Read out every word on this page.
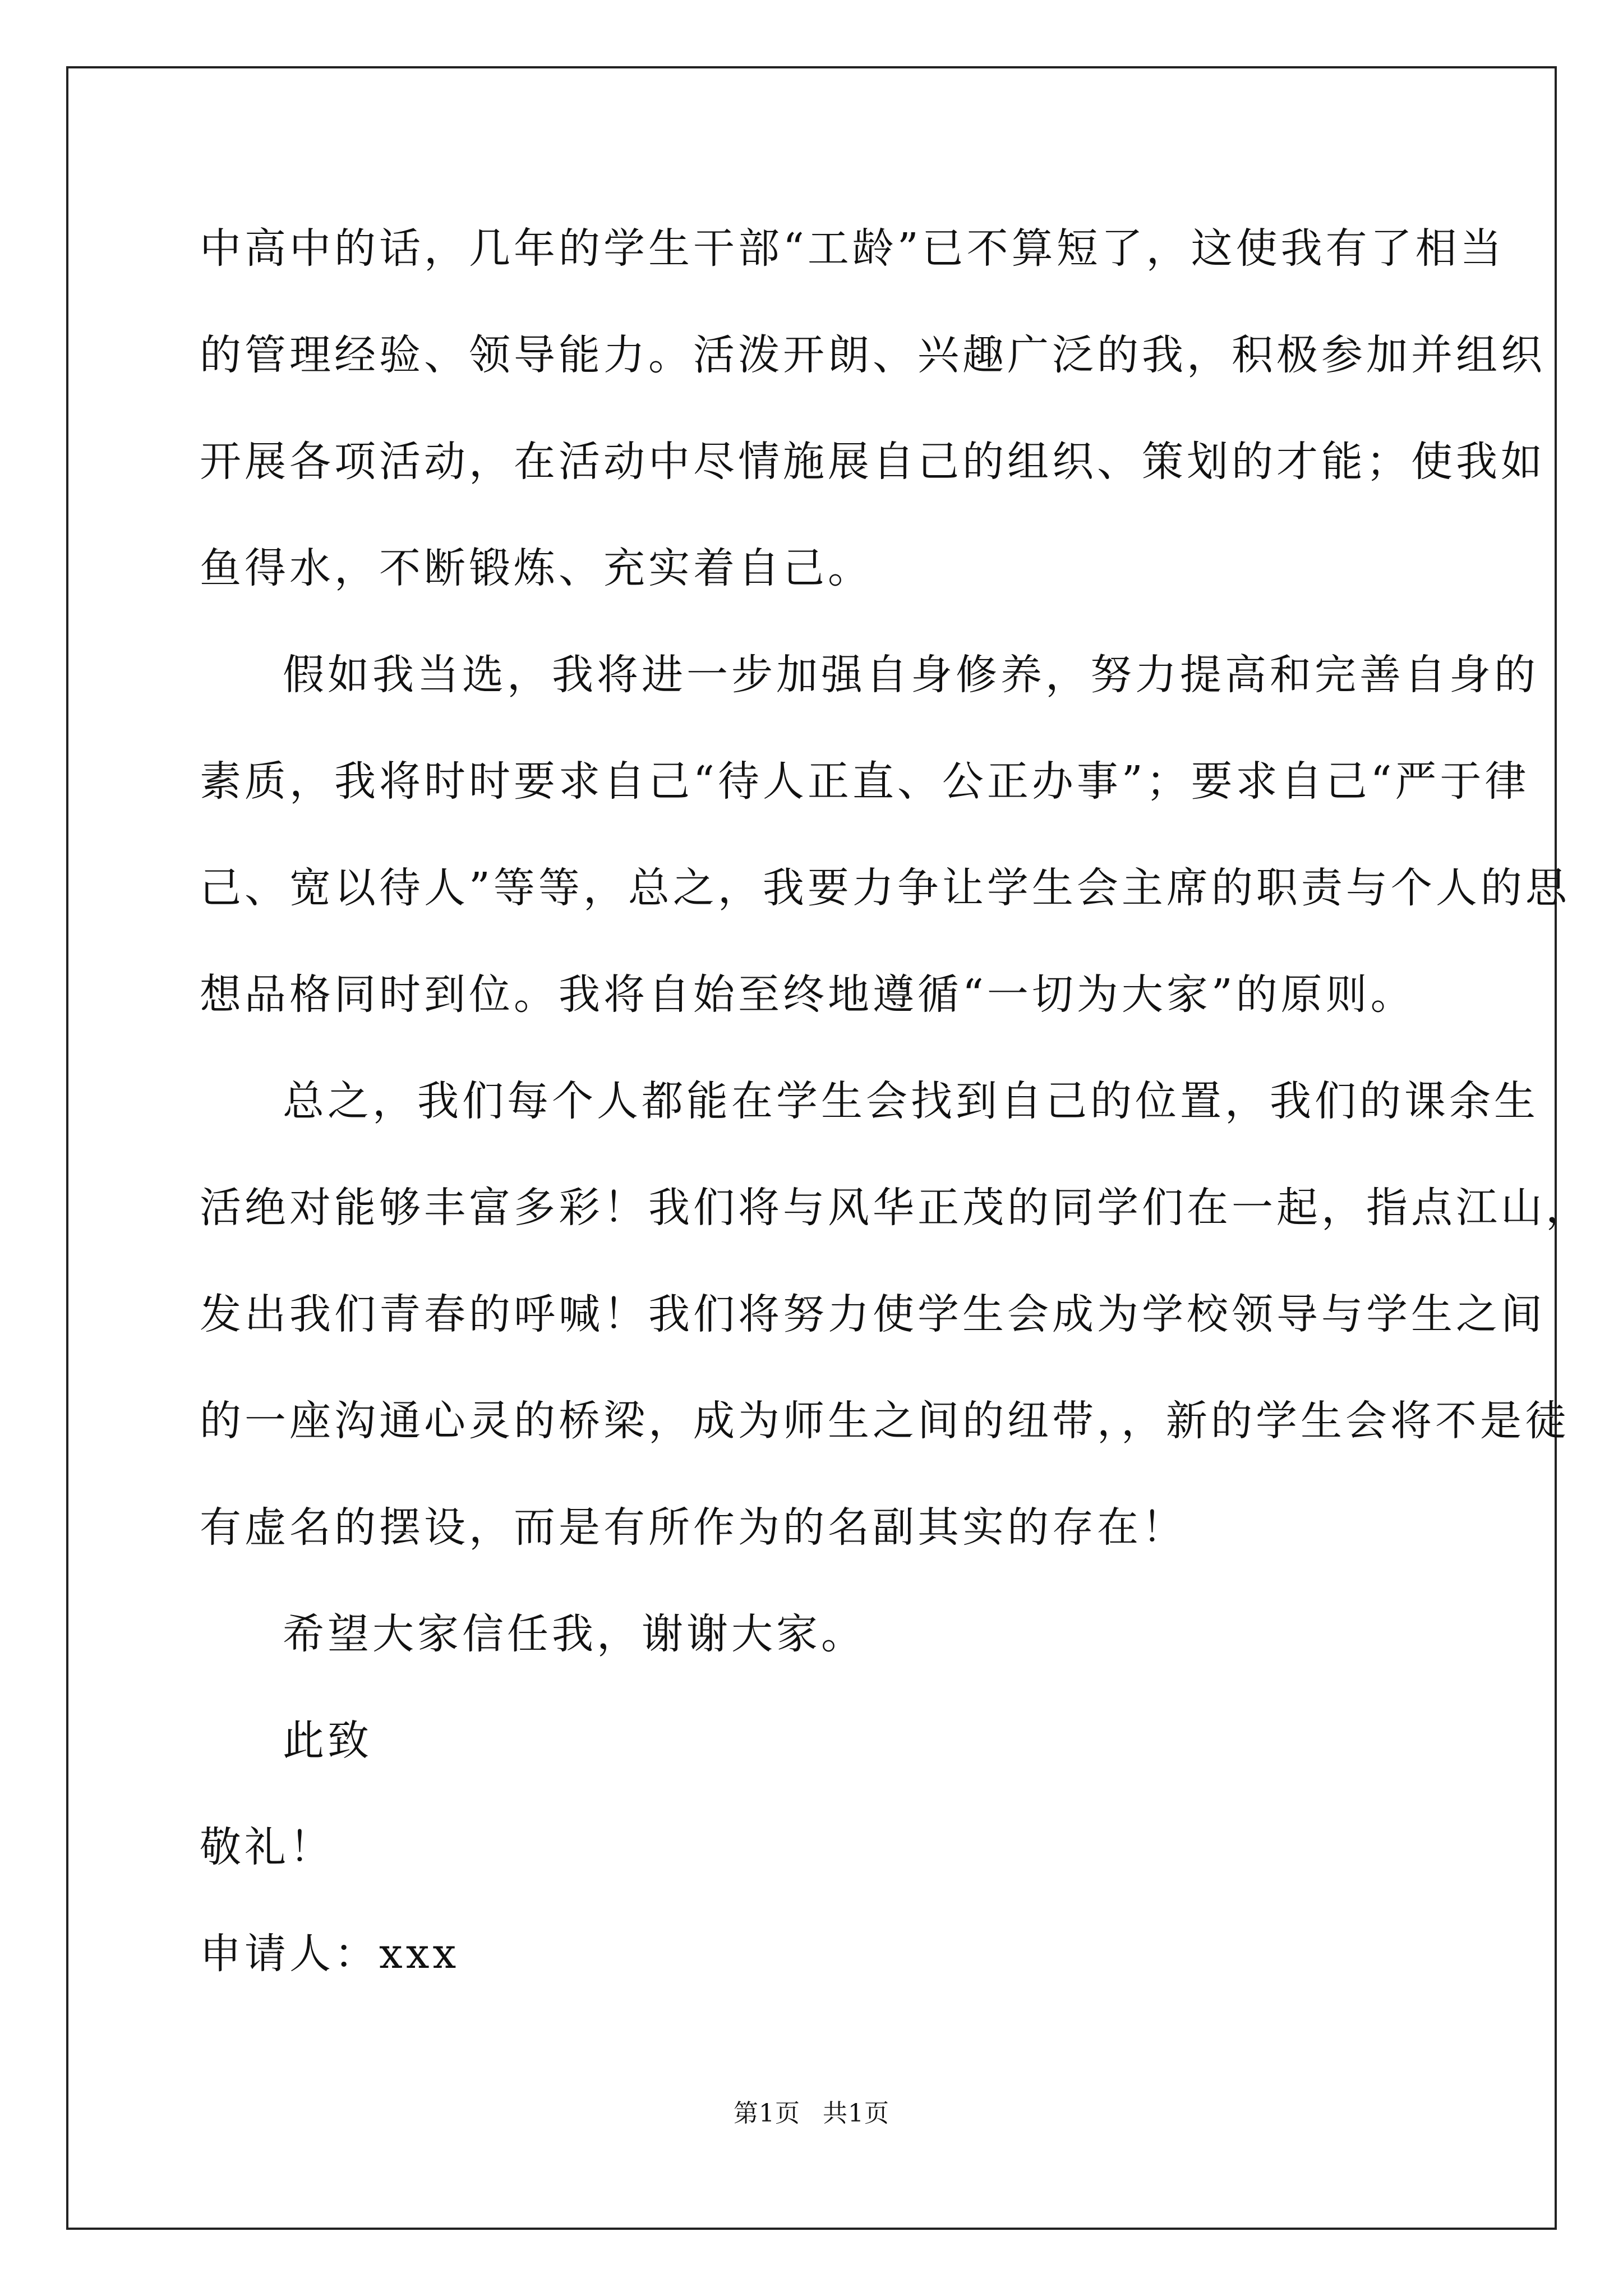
中高中的话，几年的学生干部“工龄”已不算短了，这使我有了相当
的管理经验、领导能力。活泼开朗、兴趣广泛的我，积极参加并组织
开展各项活动，在活动中尽情施展自己的组织、策划的才能；使我如
鱼得水，不断锻炼、充实着自己。
假如我当选，我将进一步加强自身修养，努力提高和完善自身的
素质，我将时时要求自己“待人正直、公正办事”；要求自己“严于律
己、宽以待人”等等，总之，我要力争让学生会主席的职责与个人的思
想品格同时到位。我将自始至终地遵循“一切为大家”的原则。
总之，我们每个人都能在学生会找到自己的位置，我们的课余生
活绝对能够丰富多彩！我们将与风华正茂的同学们在一起，指点江山，
发出我们青春的呼喊！我们将努力使学生会成为学校领导与学生之间
的一座沟通心灵的桥梁，成为师生之间的纽带，，新的学生会将不是徒
有虚名的摆设，而是有所作为的名副其实的存在！
希望大家信任我，谢谢大家。
此致
敬礼！
申请人：xxx
第1页 共1页
